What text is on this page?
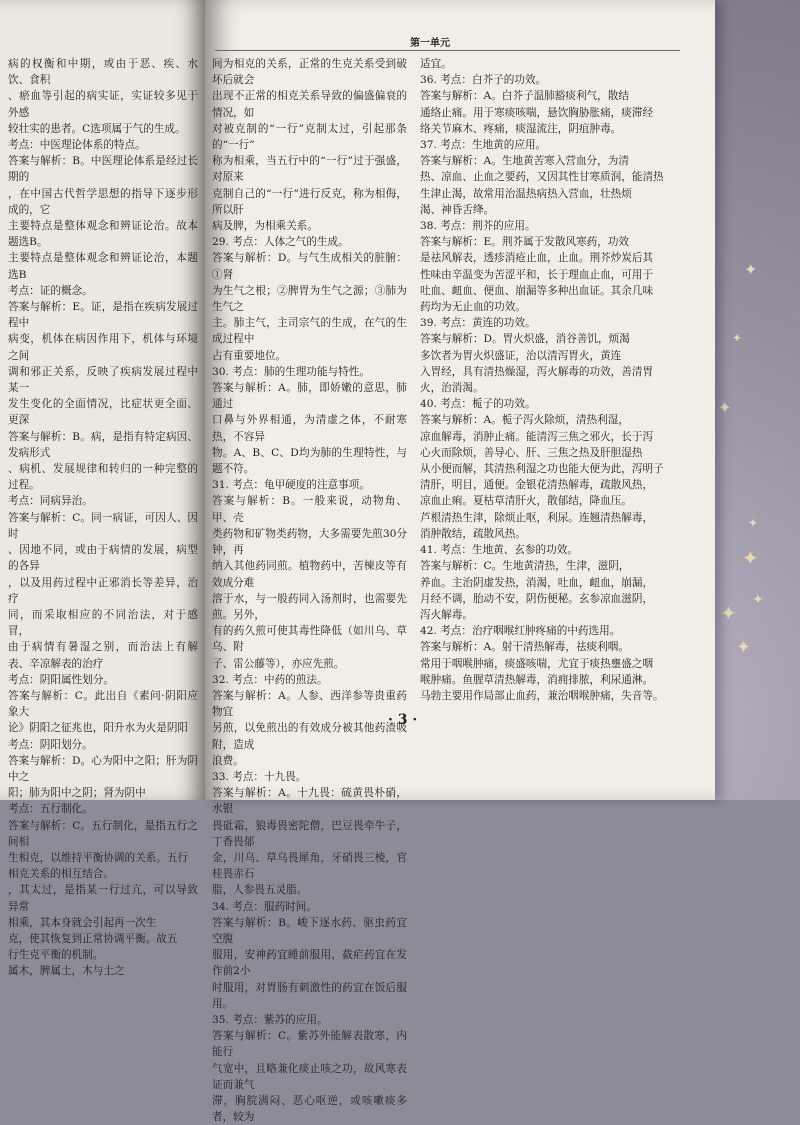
✦
✦
✦
✦
✦
✦
✦
✦
第一单元

病的权衡和中期，或由于恶、疾、水饮、食积

、瘀血等引起的病实证，实证较多见于外感

较壮实的患者。C选项属于气的生成。

考点：中医理论体系的特点。

答案与解析：B。中医理论体系是经过长期的

，在中国古代哲学思想的指导下逐步形成的，它

主要特点是整体观念和辨证论治。故本题选B。

主要特点是整体观念和辨证论治，本题选B

考点：证的概念。

答案与解析：E。证，是指在疾病发展过程中

病变，机体在病因作用下，机体与环境之间

调和邪正关系，反映了疾病发展过程中某一

发生变化的全面情况，比症状更全面、更深

答案与解析：B。病，是指有特定病因、发病形式

、病机、发展规律和转归的一种完整的过程。

考点：同病异治。

答案与解析：C。同一病证，可因人、因时

、因地不同，或由于病情的发展，病型的各异

，以及用药过程中正邪消长等差异，治疗

同，而采取相应的不同治法，对于感冒，

由于病情有暑湿之别，而治法上有解表、辛凉解表的治疗

考点：阴阳属性划分。

答案与解析：C。此出自《素问·阴阳应象大

论》阴阳之征兆也，阳升水为火是阴阳

考点：阴阳划分。

答案与解析：D。心为阳中之阳；肝为阴中之

阳；肺为阳中之阴；肾为阴中

考点：五行制化。

答案与解析：C。五行制化，是指五行之间相

生相克，以维持平衡协调的关系。五行

相克关系的相互结合。

，其太过，是指某一行过亢，可以导致异常

相乘，其本身就会引起再一次生

克，使其恢复到正常协调平衡。故五

行生克平衡的机制。

属木，脾属土，木与土之

间为相克的关系，正常的生克关系受到破坏后就会

出现不正常的相克关系导致的偏盛偏衰的情况，如

对被克制的“一行”克制太过，引起那条的“一行”

称为相乘，当五行中的“一行”过于强盛，对原来

克制自己的“一行”进行反克，称为相侮，所以肝

病及脾，为相乘关系。

29. 考点：人体之气的生成。

答案与解析：D。与气生成相关的脏腑：①肾

为生气之根；②脾胃为生气之源；③肺为生气之

主。肺主气，主司宗气的生成，在气的生成过程中

占有重要地位。

30. 考点：肺的生理功能与特性。

答案与解析：A。肺，即娇嫩的意思，肺通过

口鼻与外界相通，为清虚之体，不耐寒热，不容异

物。A、B、C、D均为肺的生理特性，与题不符。

31. 考点：龟甲硬度的注意事项。

答案与解析：B。一般来说，动物角、甲、壳

类药物和矿物类药物，大多需要先煎30分钟，再

纳入其他药同煎。植物药中，苦楝皮等有效成分难

溶于水，与一般药同入汤剂时，也需要先煎。另外，

有的药久煎可使其毒性降低（如川乌、草乌、附

子、雷公藤等），亦应先煎。

32. 考点：中药的煎法。

答案与解析：A。人参、西洋参等贵重药物宜

另煎，以免煎出的有效成分被其他药渣吸附，造成

浪费。

33. 考点：十九畏。

答案与解析：A。十九畏：硫黄畏朴硝，水银

畏砒霜，狼毒畏密陀僧，巴豆畏牵牛子，丁香畏郁

金，川乌、草乌畏犀角，牙硝畏三棱，官桂畏赤石

脂，人参畏五灵脂。

34. 考点：服药时间。

答案与解析：B。峻下逐水药、驱虫药宜空腹

服用，安神药宜睡前服用，截疟药宜在发作前2小

时服用，对胃肠有刺激性的药宜在饭后服用。

35. 考点：紫苏的应用。

答案与解析：C。紫苏外能解表散寒，内能行

气宽中，且略兼化痰止咳之功，故风寒表证而兼气

滞，胸脘满闷、恶心呕逆，或咳嗽痰多者，较为

适宜。

36. 考点：白芥子的功效。

答案与解析：A。白芥子温肺豁痰利气，散结

通络止痛。用于寒痰咳喘，悬饮胸胁胀痛，痰滞经

络关节麻木、疼痛，痰湿流注，阴疽肿毒。

37. 考点：生地黄的应用。

答案与解析：A。生地黄苦寒入营血分，为清

热、凉血、止血之要药，又因其性甘寒质润，能清热

生津止渴，故常用治温热病热入营血，壮热烦

渴、神昏舌绛。

38. 考点：荆芥的应用。

答案与解析：E。荆芥属于发散风寒药，功效

是祛风解表，透疹消疮止血，止血。荆芥炒炭后其

性味由辛温变为苦涩平和，长于理血止血，可用于

吐血、衄血、便血、崩漏等多种出血证。其余几味

药均为无止血的功效。

39. 考点：黄连的功效。

答案与解析：D。胃火炽盛，消谷善饥，烦渴

多饮者为胃火炽盛证，治以清泻胃火，黄连

入胃经，具有清热燥湿，泻火解毒的功效，善清胃

火，治消渴。

40. 考点：栀子的功效。

答案与解析：A。栀子泻火除烦，清热利湿，

凉血解毒，消肿止痛。能清泻三焦之邪火，长于泻

心火而除烦，善导心、肝、三焦之热及肝胆湿热

从小便而解，其清热利湿之功也能大便为此，泻明子

清肝，明目，通便。金银花清热解毒，疏散风热，

凉血止痢。夏枯草清肝火，散郁结，降血压。

芦根清热生津，除烦止呕，利尿。连翘清热解毒，

消肿散结，疏散风热。

41. 考点：生地黄、玄参的功效。

答案与解析：C。生地黄清热，生津，滋阴，

养血。主治阴虚发热，消渴，吐血，衄血，崩漏，

月经不调，胎动不安，阴伤便秘。玄参凉血滋阴，

泻火解毒。

42. 考点：治疗咽喉红肿疼痛的中药选用。

答案与解析：A。射干清热解毒，祛痰利咽。

常用于咽喉肿痛，痰盛咳喘，尤宜于痰热壅盛之咽

喉肿痛。鱼腥草清热解毒，消痈排脓，利尿通淋。

马勃主要用作局部止血药，兼治咽喉肿痛，失音等。

· 3 ·
